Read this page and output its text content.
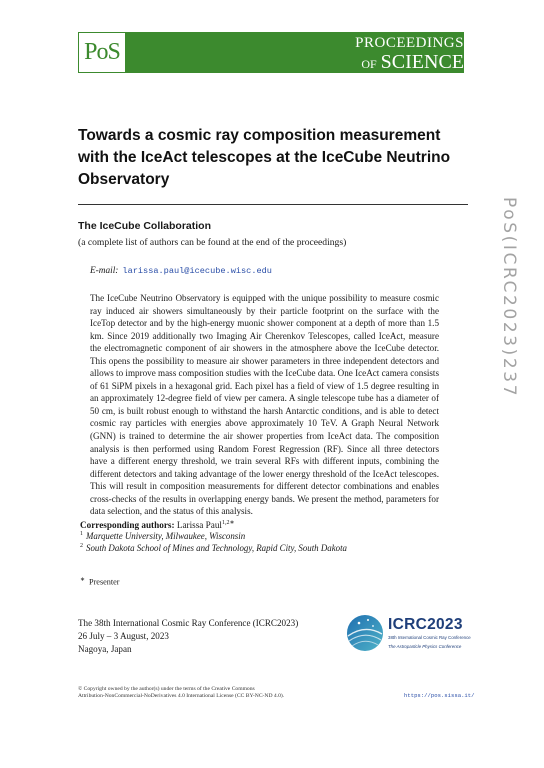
PoS	PROCEEDINGS
OF SCIENCE
Towards a cosmic ray composition measurement with the IceAct telescopes at the IceCube Neutrino Observatory
The IceCube Collaboration
(a complete list of authors can be found at the end of the proceedings)
E-mail: larissa.paul@icecube.wisc.edu
The IceCube Neutrino Observatory is equipped with the unique possibility to measure cosmic ray induced air showers simultaneously by their particle footprint on the surface with the IceTop detector and by the high-energy muonic shower component at a depth of more than 1.5 km. Since 2019 additionally two Imaging Air Cherenkov Telescopes, called IceAct, measure the electromagnetic component of air showers in the atmosphere above the IceCube detector. This opens the possibility to measure air shower parameters in three independent detectors and allows to improve mass composition studies with the IceCube data. One IceAct camera consists of 61 SiPM pixels in a hexagonal grid. Each pixel has a field of view of 1.5 degree resulting in an approximately 12-degree field of view per camera. A single telescope tube has a diameter of 50 cm, is built robust enough to withstand the harsh Antarctic conditions, and is able to detect cosmic ray particles with energies above approximately 10 TeV. A Graph Neural Network (GNN) is trained to determine the air shower properties from IceAct data. The composition analysis is then performed using Random Forest Regression (RF). Since all three detectors have a different energy threshold, we train several RFs with different inputs, combining the different detectors and taking advantage of the lower energy threshold of the IceAct telescopes. This will result in composition measurements for different detector combinations and enables cross-checks of the results in overlapping energy bands. We present the method, parameters for data selection, and the status of this analysis.
Corresponding authors: Larissa Paul$^{1,2∗}$
$^1$ Marquette University, Milwaukee, Wisconsin
$^2$ South Dakota School of Mines and Technology, Rapid City, South Dakota
∗ Presenter
The 38th International Cosmic Ray Conference (ICRC2023)
26 July – 3 August, 2023
Nagoya, Japan
ICRC2023
38th International Cosmic Ray Conference
The Astroparticle Physics Conference
© Copyright owned by the author(s) under the terms of the Creative Commons
Attribution-NonCommercial-NoDerivatives 4.0 International License (CC BY-NC-ND 4.0).	https://pos.sissa.it/
PoS(ICRC2023)237
